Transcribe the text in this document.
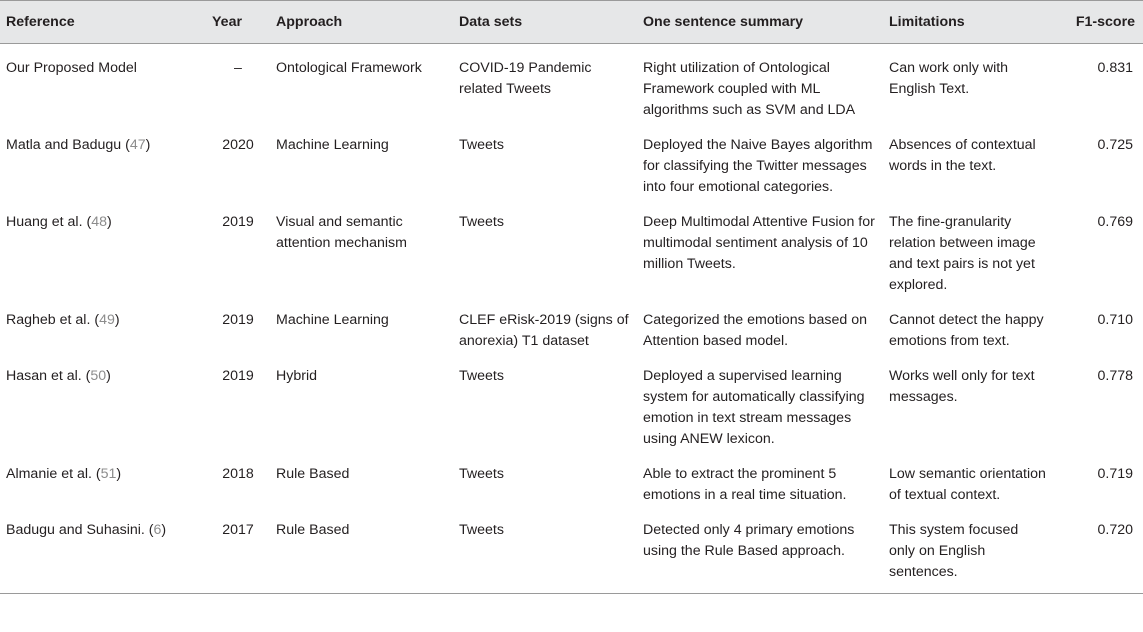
Reference	Year	Approach	Data sets	One sentence summary	Limitations	F1-score
Our Proposed Model	–	Ontological Framework	COVID-19 Pandemic related Tweets	Right utilization of Ontological Framework coupled with ML algorithms such as SVM and LDA	Can work only with English Text.	0.831
Matla and Badugu (47)	2020	Machine Learning	Tweets	Deployed the Naive Bayes algorithm for classifying the Twitter messages into four emotional categories.	Absences of contextual words in the text.	0.725
Huang et al. (48)	2019	Visual and semantic attention mechanism	Tweets	Deep Multimodal Attentive Fusion for multimodal sentiment analysis of 10 million Tweets.	The fine-granularity relation between image and text pairs is not yet explored.	0.769
Ragheb et al. (49)	2019	Machine Learning	CLEF eRisk-2019 (signs of anorexia) T1 dataset	Categorized the emotions based on Attention based model.	Cannot detect the happy emotions from text.	0.710
Hasan et al. (50)	2019	Hybrid	Tweets	Deployed a supervised learning system for automatically classifying emotion in text stream messages using ANEW lexicon.	Works well only for text messages.	0.778
Almanie et al. (51)	2018	Rule Based	Tweets	Able to extract the prominent 5 emotions in a real time situation.	Low semantic orientation of textual context.	0.719
Badugu and Suhasini. (6)	2017	Rule Based	Tweets	Detected only 4 primary emotions using the Rule Based approach.	This system focused only on English sentences.	0.720
